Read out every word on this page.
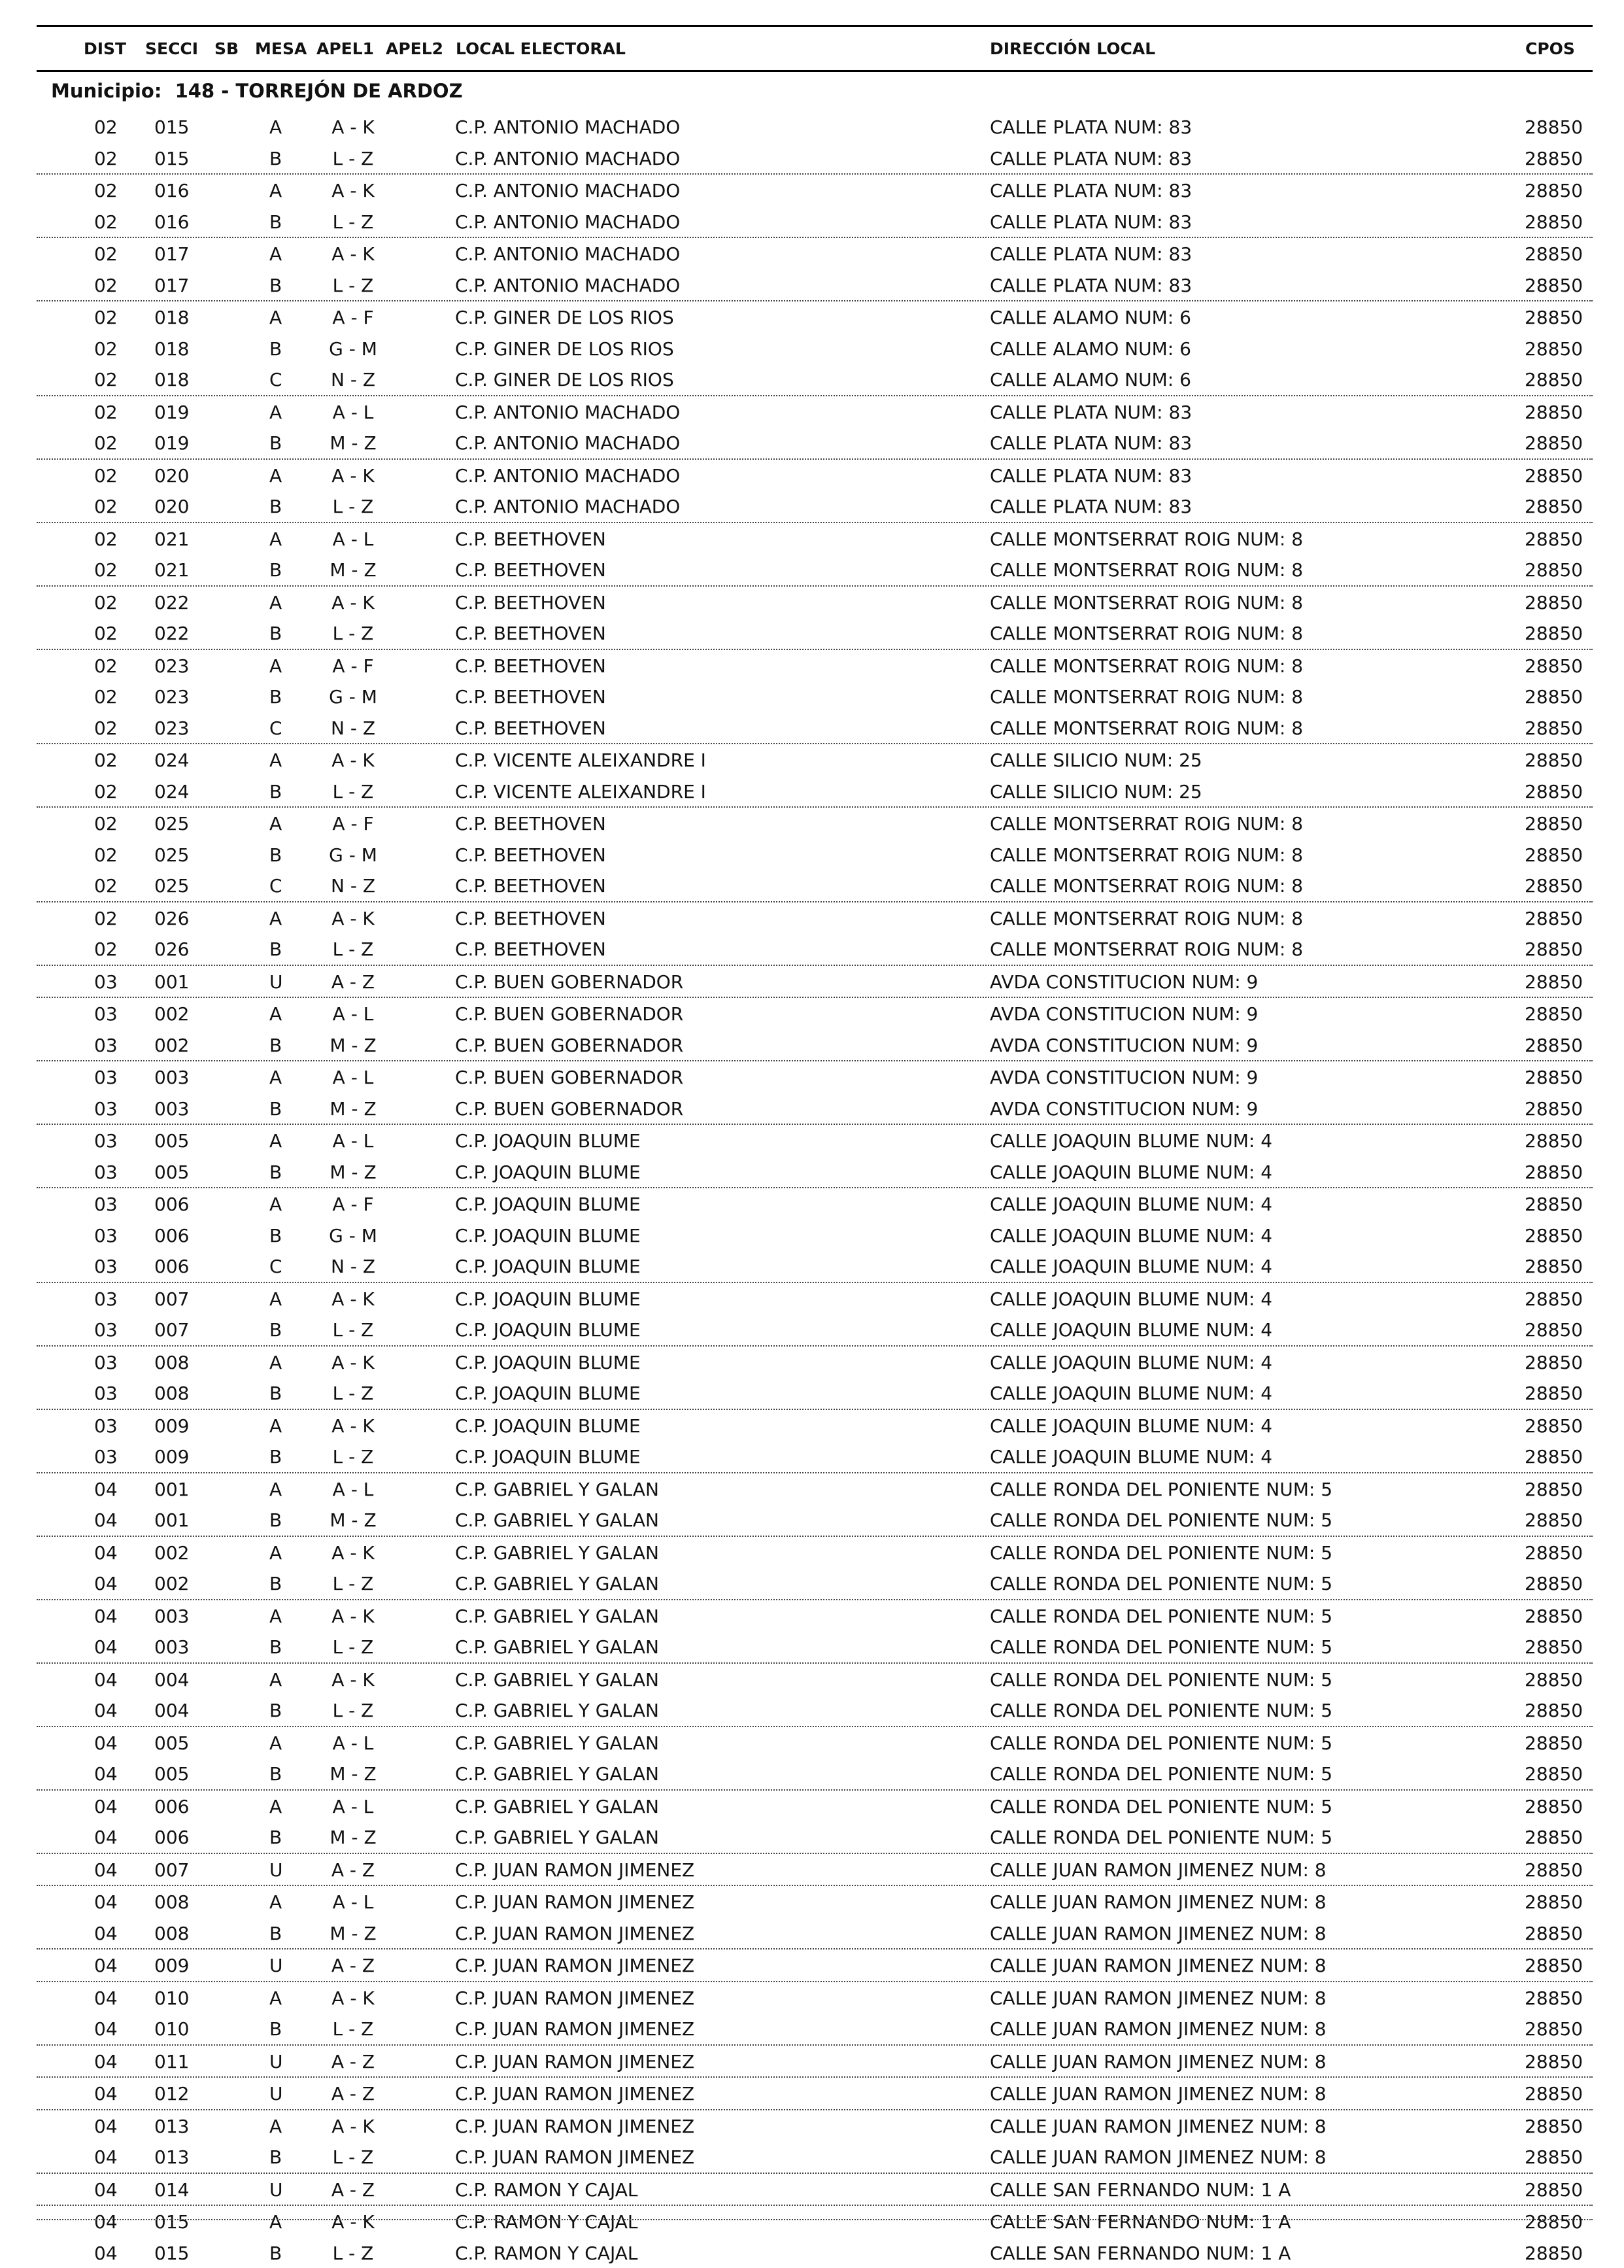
DIST SECCI SB MESA APEL1 APEL2 LOCAL ELECTORAL	DIRECCIÓN LOCAL	CPOS
Municipio:  148 - TORREJÓN DE ARDOZ
02 015	A	A - K	C.P. ANTONIO MACHADO	CALLE PLATA NUM: 83	28850
02 015	B	L - Z	C.P. ANTONIO MACHADO	CALLE PLATA NUM: 83	28850
02 016	A	A - K	C.P. ANTONIO MACHADO	CALLE PLATA NUM: 83	28850
02 016	B	L - Z	C.P. ANTONIO MACHADO	CALLE PLATA NUM: 83	28850
02 017	A	A - K	C.P. ANTONIO MACHADO	CALLE PLATA NUM: 83	28850
02 017	B	L - Z	C.P. ANTONIO MACHADO	CALLE PLATA NUM: 83	28850
02 018	A	A - F	C.P. GINER DE LOS RIOS	CALLE ALAMO NUM: 6	28850
02 018	B	G - M	C.P. GINER DE LOS RIOS	CALLE ALAMO NUM: 6	28850
02 018	C	N - Z	C.P. GINER DE LOS RIOS	CALLE ALAMO NUM: 6	28850
02 019	A	A - L	C.P. ANTONIO MACHADO	CALLE PLATA NUM: 83	28850
02 019	B	M - Z	C.P. ANTONIO MACHADO	CALLE PLATA NUM: 83	28850
02 020	A	A - K	C.P. ANTONIO MACHADO	CALLE PLATA NUM: 83	28850
02 020	B	L - Z	C.P. ANTONIO MACHADO	CALLE PLATA NUM: 83	28850
02 021	A	A - L	C.P. BEETHOVEN	CALLE MONTSERRAT ROIG NUM: 8	28850
02 021	B	M - Z	C.P. BEETHOVEN	CALLE MONTSERRAT ROIG NUM: 8	28850
02 022	A	A - K	C.P. BEETHOVEN	CALLE MONTSERRAT ROIG NUM: 8	28850
02 022	B	L - Z	C.P. BEETHOVEN	CALLE MONTSERRAT ROIG NUM: 8	28850
02 023	A	A - F	C.P. BEETHOVEN	CALLE MONTSERRAT ROIG NUM: 8	28850
02 023	B	G - M	C.P. BEETHOVEN	CALLE MONTSERRAT ROIG NUM: 8	28850
02 023	C	N - Z	C.P. BEETHOVEN	CALLE MONTSERRAT ROIG NUM: 8	28850
02 024	A	A - K	C.P. VICENTE ALEIXANDRE I	CALLE SILICIO NUM: 25	28850
02 024	B	L - Z	C.P. VICENTE ALEIXANDRE I	CALLE SILICIO NUM: 25	28850
02 025	A	A - F	C.P. BEETHOVEN	CALLE MONTSERRAT ROIG NUM: 8	28850
02 025	B	G - M	C.P. BEETHOVEN	CALLE MONTSERRAT ROIG NUM: 8	28850
02 025	C	N - Z	C.P. BEETHOVEN	CALLE MONTSERRAT ROIG NUM: 8	28850
02 026	A	A - K	C.P. BEETHOVEN	CALLE MONTSERRAT ROIG NUM: 8	28850
02 026	B	L - Z	C.P. BEETHOVEN	CALLE MONTSERRAT ROIG NUM: 8	28850
03 001	U	A - Z	C.P. BUEN GOBERNADOR	AVDA CONSTITUCION NUM: 9	28850
03 002	A	A - L	C.P. BUEN GOBERNADOR	AVDA CONSTITUCION NUM: 9	28850
03 002	B	M - Z	C.P. BUEN GOBERNADOR	AVDA CONSTITUCION NUM: 9	28850
03 003	A	A - L	C.P. BUEN GOBERNADOR	AVDA CONSTITUCION NUM: 9	28850
03 003	B	M - Z	C.P. BUEN GOBERNADOR	AVDA CONSTITUCION NUM: 9	28850
03 005	A	A - L	C.P. JOAQUIN BLUME	CALLE JOAQUIN BLUME NUM: 4	28850
03 005	B	M - Z	C.P. JOAQUIN BLUME	CALLE JOAQUIN BLUME NUM: 4	28850
03 006	A	A - F	C.P. JOAQUIN BLUME	CALLE JOAQUIN BLUME NUM: 4	28850
03 006	B	G - M	C.P. JOAQUIN BLUME	CALLE JOAQUIN BLUME NUM: 4	28850
03 006	C	N - Z	C.P. JOAQUIN BLUME	CALLE JOAQUIN BLUME NUM: 4	28850
03 007	A	A - K	C.P. JOAQUIN BLUME	CALLE JOAQUIN BLUME NUM: 4	28850
03 007	B	L - Z	C.P. JOAQUIN BLUME	CALLE JOAQUIN BLUME NUM: 4	28850
03 008	A	A - K	C.P. JOAQUIN BLUME	CALLE JOAQUIN BLUME NUM: 4	28850
03 008	B	L - Z	C.P. JOAQUIN BLUME	CALLE JOAQUIN BLUME NUM: 4	28850
03 009	A	A - K	C.P. JOAQUIN BLUME	CALLE JOAQUIN BLUME NUM: 4	28850
03 009	B	L - Z	C.P. JOAQUIN BLUME	CALLE JOAQUIN BLUME NUM: 4	28850
04 001	A	A - L	C.P. GABRIEL Y GALAN	CALLE RONDA DEL PONIENTE NUM: 5	28850
04 001	B	M - Z	C.P. GABRIEL Y GALAN	CALLE RONDA DEL PONIENTE NUM: 5	28850
04 002	A	A - K	C.P. GABRIEL Y GALAN	CALLE RONDA DEL PONIENTE NUM: 5	28850
04 002	B	L - Z	C.P. GABRIEL Y GALAN	CALLE RONDA DEL PONIENTE NUM: 5	28850
04 003	A	A - K	C.P. GABRIEL Y GALAN	CALLE RONDA DEL PONIENTE NUM: 5	28850
04 003	B	L - Z	C.P. GABRIEL Y GALAN	CALLE RONDA DEL PONIENTE NUM: 5	28850
04 004	A	A - K	C.P. GABRIEL Y GALAN	CALLE RONDA DEL PONIENTE NUM: 5	28850
04 004	B	L - Z	C.P. GABRIEL Y GALAN	CALLE RONDA DEL PONIENTE NUM: 5	28850
04 005	A	A - L	C.P. GABRIEL Y GALAN	CALLE RONDA DEL PONIENTE NUM: 5	28850
04 005	B	M - Z	C.P. GABRIEL Y GALAN	CALLE RONDA DEL PONIENTE NUM: 5	28850
04 006	A	A - L	C.P. GABRIEL Y GALAN	CALLE RONDA DEL PONIENTE NUM: 5	28850
04 006	B	M - Z	C.P. GABRIEL Y GALAN	CALLE RONDA DEL PONIENTE NUM: 5	28850
04 007	U	A - Z	C.P. JUAN RAMON JIMENEZ	CALLE JUAN RAMON JIMENEZ NUM: 8	28850
04 008	A	A - L	C.P. JUAN RAMON JIMENEZ	CALLE JUAN RAMON JIMENEZ NUM: 8	28850
04 008	B	M - Z	C.P. JUAN RAMON JIMENEZ	CALLE JUAN RAMON JIMENEZ NUM: 8	28850
04 009	U	A - Z	C.P. JUAN RAMON JIMENEZ	CALLE JUAN RAMON JIMENEZ NUM: 8	28850
04 010	A	A - K	C.P. JUAN RAMON JIMENEZ	CALLE JUAN RAMON JIMENEZ NUM: 8	28850
04 010	B	L - Z	C.P. JUAN RAMON JIMENEZ	CALLE JUAN RAMON JIMENEZ NUM: 8	28850
04 011	U	A - Z	C.P. JUAN RAMON JIMENEZ	CALLE JUAN RAMON JIMENEZ NUM: 8	28850
04 012	U	A - Z	C.P. JUAN RAMON JIMENEZ	CALLE JUAN RAMON JIMENEZ NUM: 8	28850
04 013	A	A - K	C.P. JUAN RAMON JIMENEZ	CALLE JUAN RAMON JIMENEZ NUM: 8	28850
04 013	B	L - Z	C.P. JUAN RAMON JIMENEZ	CALLE JUAN RAMON JIMENEZ NUM: 8	28850
04 014	U	A - Z	C.P. RAMON Y CAJAL	CALLE SAN FERNANDO NUM: 1 A	28850
04 015	A	A - K	C.P. RAMON Y CAJAL	CALLE SAN FERNANDO NUM: 1 A	28850
04 015	B	L - Z	C.P. RAMON Y CAJAL	CALLE SAN FERNANDO NUM: 1 A	28850
